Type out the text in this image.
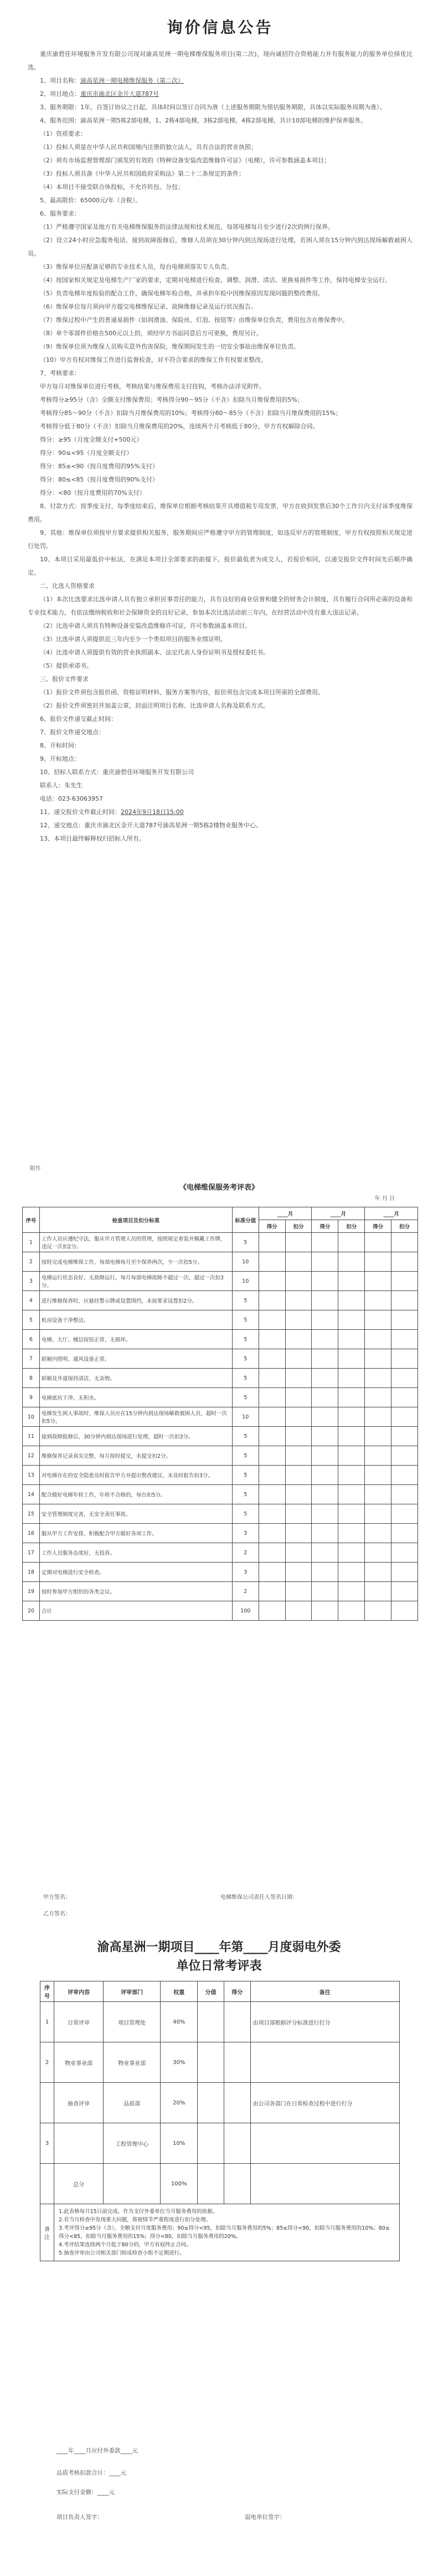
询价信息公告

重庆渝碧佳环境服务开发有限公司现对渝高星洲一期电梯维保服务项目(第二次)，现向诚招符合资格能力并有服务能力的服务单位择优比选。

1、项目名称：渝高星洲一期电梯维保服务（第二次）

2、项目地点：重庆市渝北区金开大道787号

3、服务期限：1年，自签订协议之日起，具体时间以签订合同为准（上述服务期限为预估服务期限，具体以实际服务周期为准）。

4、服务范围：渝高星洲一期5栋2部电梯，1、2栋4部电梯，3栋2部电梯，4栋2部电梯，共计10部电梯的维护保养服务。

（1）资质要求：

（1）投标人须是在中华人民共和国境内注册的独立法人，具有合法的营业执照；

（2）须有市场监督管理部门颁发的有效的《特种设备安装改造维修许可证》（电梯），许可参数涵盖本项目；

（3）投标人须具备《中华人民共和国政府采购法》第二十二条规定的条件；

（4）本项目不接受联合体投标，不允许转包、分包；

5、最高限价：65000元/年（含税）。

6、服务要求：

（1）严格遵守国家及地方有关电梯维保服务的法律法规和技术规范，每部电梯每月至少进行2次的例行保养。

（2）设立24小时应急服务电话，接到故障报修后，维修人员须在30分钟内到达现场进行处理，若困人须在15分钟内到达现场解救被困人员。

（3）维保单位应配备足够的专业技术人员，每台电梯须落实专人负责。

（4）按国家相关规定及电梯生产厂家的要求，定期对电梯进行检查、调整、润滑、清洁、更换易损件等工作，保持电梯安全运行。

（5）负责电梯年度检验的配合工作，确保电梯年检合格，并承担年检中因维保原因发现问题的整改费用。

（6）维保单位每月须向甲方提交电梯维保记录、故障维修记录及运行状况报告。

（7）维保过程中产生的普通易损件（如润滑油、保险丝、灯泡、按钮等）由维保单位负责，费用包含在维保费中。

（8）单个零部件价格在500元以上的，须经甲方书面同意后方可更换，费用另计。

（9）维保单位须为维保人员购买意外伤害保险，维保期间发生的一切安全事故由维保单位负责。

（10）甲方有权对维保工作进行监督检查，对不符合要求的维保工作有权要求整改。

7、考核要求：

甲方每月对维保单位进行考核，考核结果与维保费用支付挂钩，考核办法详见附件。

考核得分≥95分（含）全额支付维保费用；考核得分90～95分（不含）扣除当月维保费用的5%；

考核得分85～90分（不含）扣除当月维保费用的10%；考核得分80～85分（不含）扣除当月维保费用的15%；

考核得分低于80分（不含）扣除当月维保费用的20%，连续两个月考核低于80分，甲方有权解除合同。

得分：≥95（月度全额支付+500元）

得分：90≤<95（月度全额支付）

得分：85≤<90（按月度费用的95%支付）

得分：80≤<85（按月度费用的90%支付）

得分：<80（按月度费用的70%支付）

8、付款方式：按季度支付，每季度结束后，维保单位根据考核结果开具增值税专用发票，甲方在收到发票后30个工作日内支付该季度维保费用。

9、其他：维保单位须按甲方要求提供相关服务，服务期间应严格遵守甲方的管理制度，如违反甲方的管理制度，甲方有权按照相关规定进行处罚。

10、本项目采用最低价中标法，在满足本项目全部要求的前提下，报价最低者为成交人，若报价相同，以递交报价文件时间先后顺序确定。

二、比选人资格要求

（1）本次比选要求比选申请人具有独立承担民事责任的能力，具有良好的商业信誉和健全的财务会计制度，具有履行合同所必需的设备和专业技术能力，有依法缴纳税收和社会保障资金的良好记录，参加本次比选活动前三年内，在经营活动中没有重大违法记录。

（2）比选申请人须具有特种设备安装改造维修许可证，许可参数涵盖本项目。

（3）比选申请人须提供近三年内至少一个类似项目的服务业绩证明。

（4）比选申请人须提供有效的营业执照副本、法定代表人身份证明书及授权委托书。

（5）提供承诺书。

三、报价文件要求

（1）报价文件须包含报价函、资格证明材料、服务方案等内容，报价须包含完成本项目所需的全部费用。

（2）报价文件须密封并加盖公章，封面注明项目名称、比选申请人名称及联系方式。

6、报价文件递交截止时间：

7、报价文件递交地点：

8、开标时间：

9、开标地点：

10、招标人联系方式：重庆渝碧佳环境服务开发有限公司

联系人：朱先生

电话：023-63063957

11、递交报价文件截止时间：2024年9月18日15:00

12、递交地点：重庆市渝北区金开大道787号渝高星洲一期5栋2楼物业服务中心。

13、本项目最终解释权归招标人所有。

附件
《电梯维保服务考评表》
年 月 日
序号	检查项目及扣分标准	标准分值	____月		____月		____月	
			得分	扣分	得分	扣分	得分	扣分
1	工作人员应遵纪守法，服从甲方管理人员的管理，按照规定着装并佩戴工作牌，违反一次扣2分。	5						
2	按时完成电梯维保工作，每部电梯每月至少保养两次，少一次扣5分。	10						
3	电梯运行状态良好，无故障运行，每月每部电梯故障不超过一次，超过一次扣3分。	10						
4	进行维修保养时，应悬挂警示牌或设置围挡，未按要求设置扣2分。	5						
5	机房设备干净整洁。	5						
6	电梯、大厅、楼层按钮正常，无损坏。	5						
7	轿厢内照明、通风设备正常。	5						
8	轿厢及井道保持清洁，无杂物。	5						
9	电梯底坑干净，无积水。	5						
10	电梯发生困人事故时，维保人员应在15分钟内到达现场解救被困人员，超时一次扣5分。	10						
11	接到故障报修后，30分钟内到达现场进行处理，超时一次扣3分。	5						
12	维修保养记录真实完整，每月按时提交，未提交扣2分。	5						
13	对电梯存在的安全隐患及时报告甲方并提出整改建议，未及时报告扣3分。	5						
14	配合做好电梯年检工作，年检不合格的，每台扣5分。	5						
15	安全管理制度完善，无安全责任事故。	5						
16	服从甲方工作安排，积极配合甲方做好各项工作。	3						
17	工作人员服务态度好，无投诉。	2						
18	定期对电梯进行安全检查。	3						
19	按时参加甲方组织的各类会议。	2						
20	合计	100						
甲方签名：	电梯维保公司责任人签名日期：
乙方签名：
渝高星洲一期项目____年第____月度弱电外委
单位日常考评表
序号	评审内容	评审部门	权重	分值	得分	备注
1	日常评审	项目管理处	40%			由项目部根据评分标准进行打分
2	物业事业部	物业事业部	30%			
	抽查评审	品质部	20%			由公司各部门在日常检查过程中进行打分
3		工程管理中心	10%			
	总分		100%			
备注	1.此表格每月15日前完成，作为支付外委单位当月服务费用的依据。
2.若当月检查中发现重大问题，将视情节严重程度进行扣分处理。
3.考评得分≥95分（含），全额支付月度服务费用；90≤得分<95，扣除当月服务费用的5%；85≤得分<90，扣除当月服务费用的10%；80≤得分<85，扣除当月服务费用的15%；得分<80，扣除当月服务费用的20%。
4.考评结果连续两个月低于80分的，甲方有权终止合同。
5.抽查评审由公司相关部门组成检查小组不定期进行。					
____年____月应付外委款____元
品质考核扣款合计：____元
实际支付金额：____元
项目负责人签字：	弱电单位签字：
